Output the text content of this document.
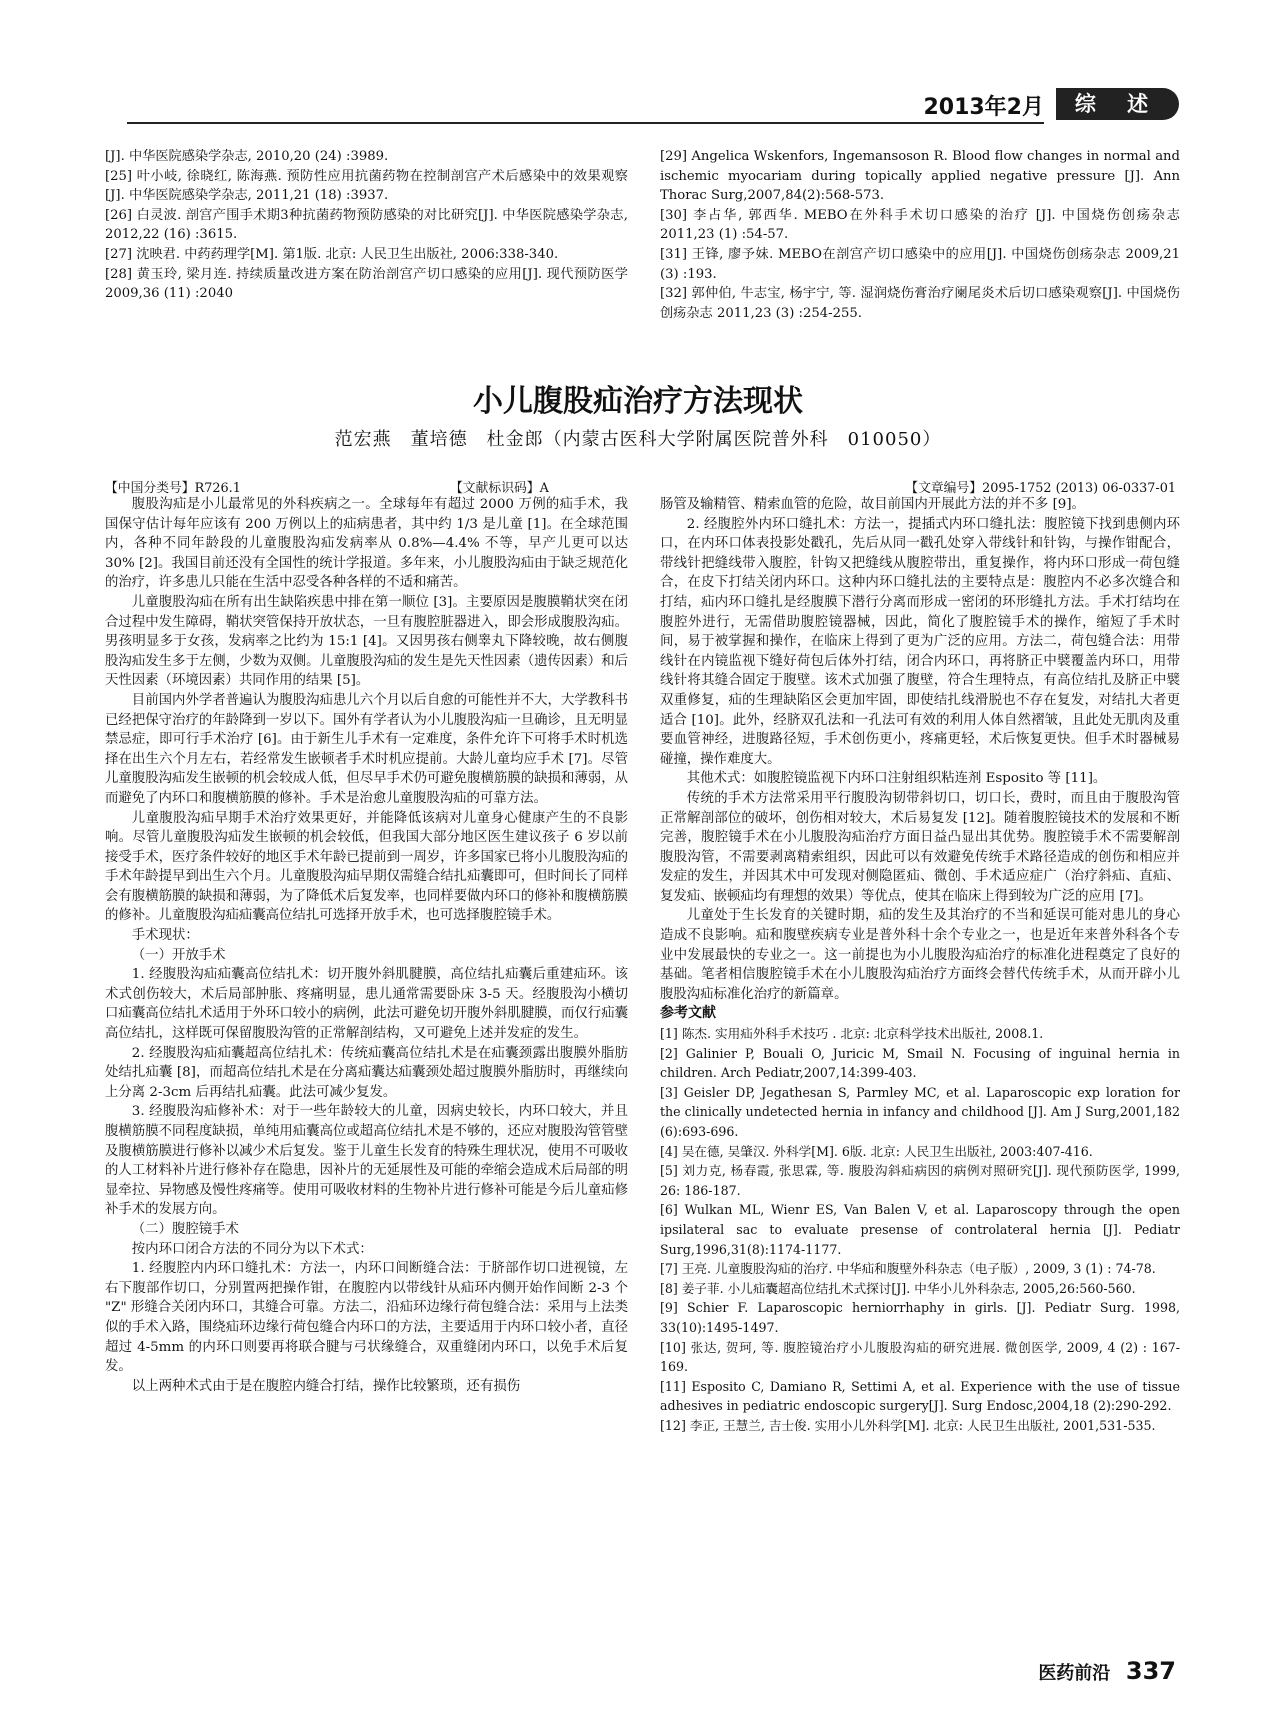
2013年2月	综 述

[J]. 中华医院感染学杂志, 2010,20 (24) :3989.

[25] 叶小岐, 徐晓红, 陈海燕. 预防性应用抗菌药物在控制剖宫产术后感染中的效果观察[J]. 中华医院感染学杂志, 2011,21 (18) :3937.

[26] 白灵波. 剖宫产围手术期3种抗菌药物预防感染的对比研究[J]. 中华医院感染学杂志, 2012,22 (16) :3615.

[27] 沈映君. 中药药理学[M]. 第1版. 北京: 人民卫生出版社, 2006:338-340.

[28] 黄玉玲, 梁月连. 持续质量改进方案在防治剖宫产切口感染的应用[J]. 现代预防医学 2009,36 (11) :2040

[29] Angelica Wskenfors, Ingemansoson R. Blood flow changes in normal and ischemic myocariam during topically applied negative pressure [J]. Ann Thorac Surg,2007,84(2):568-573.

[30] 李占华, 郭西华. MEBO在外科手术切口感染的治疗 [J]. 中国烧伤创疡杂志 2011,23 (1) :54-57.

[31] 王锋, 廖予妹. MEBO在剖宫产切口感染中的应用[J]. 中国烧伤创疡杂志 2009,21 (3) :193.

[32] 郭仲伯, 牛志宝, 杨宇宁, 等. 湿润烧伤膏治疗阑尾炎术后切口感染观察[J]. 中国烧伤创疡杂志 2011,23 (3) :254-255.

小儿腹股疝治疗方法现状
范宏燕　董培德　杜金郎（内蒙古医科大学附属医院普外科　010050）
【中国分类号】R726.1	【文献标识码】A	【文章编号】2095-1752 (2013) 06-0337-01

腹股沟疝是小儿最常见的外科疾病之一。全球每年有超过 2000 万例的疝手术，我国保守估计每年应该有 200 万例以上的疝病患者，其中约 1/3 是儿童 [1]。在全球范围内，各种不同年龄段的儿童腹股沟疝发病率从 0.8%—4.4% 不等，早产儿更可以达 30% [2]。我国目前还没有全国性的统计学报道。多年来，小儿腹股沟疝由于缺乏规范化的治疗，许多患儿只能在生活中忍受各种各样的不适和痛苦。

儿童腹股沟疝在所有出生缺陷疾患中排在第一顺位 [3]。主要原因是腹膜鞘状突在闭合过程中发生障碍，鞘状突管保持开放状态，一旦有腹腔脏器进入，即会形成腹股沟疝。男孩明显多于女孩，发病率之比约为 15:1 [4]。又因男孩右侧睾丸下降较晚，故右侧腹股沟疝发生多于左侧，少数为双侧。儿童腹股沟疝的发生是先天性因素（遗传因素）和后天性因素（环境因素）共同作用的结果 [5]。

目前国内外学者普遍认为腹股沟疝患儿六个月以后自愈的可能性并不大，大学教科书已经把保守治疗的年龄降到一岁以下。国外有学者认为小儿腹股沟疝一旦确诊，且无明显禁忌症，即可行手术治疗 [6]。由于新生儿手术有一定难度，条件允许下可将手术时机选择在出生六个月左右，若经常发生嵌顿者手术时机应提前。大龄儿童均应手术 [7]。尽管儿童腹股沟疝发生嵌顿的机会较成人低，但尽早手术仍可避免腹横筋膜的缺损和薄弱，从而避免了内环口和腹横筋膜的修补。手术是治愈儿童腹股沟疝的可靠方法。

儿童腹股沟疝早期手术治疗效果更好，并能降低该病对儿童身心健康产生的不良影响。尽管儿童腹股沟疝发生嵌顿的机会较低，但我国大部分地区医生建议孩子 6 岁以前接受手术，医疗条件较好的地区手术年龄已提前到一周岁，许多国家已将小儿腹股沟疝的手术年龄提早到出生六个月。儿童腹股沟疝早期仅需缝合结扎疝囊即可，但时间长了同样会有腹横筋膜的缺损和薄弱，为了降低术后复发率，也同样要做内环口的修补和腹横筋膜的修补。儿童腹股沟疝疝囊高位结扎可选择开放手术，也可选择腹腔镜手术。

手术现状：

（一）开放手术

1. 经腹股沟疝疝囊高位结扎术：切开腹外斜肌腱膜，高位结扎疝囊后重建疝环。该术式创伤较大，术后局部肿胀、疼痛明显，患儿通常需要卧床 3-5 天。经腹股沟小横切口疝囊高位结扎术适用于外环口较小的病例，此法可避免切开腹外斜肌腱膜，而仅行疝囊高位结扎，这样既可保留腹股沟管的正常解剖结构，又可避免上述并发症的发生。

2. 经腹股沟疝疝囊超高位结扎术：传统疝囊高位结扎术是在疝囊颈露出腹膜外脂肪处结扎疝囊 [8]，而超高位结扎术是在分离疝囊达疝囊颈处超过腹膜外脂肪时，再继续向上分离 2-3cm 后再结扎疝囊。此法可减少复发。

3. 经腹股沟疝修补术：对于一些年龄较大的儿童，因病史较长，内环口较大，并且腹横筋膜不同程度缺损，单纯用疝囊高位或超高位结扎术是不够的，还应对腹股沟管管壁及腹横筋膜进行修补以减少术后复发。鉴于儿童生长发育的特殊生理状况，使用不可吸收的人工材料补片进行修补存在隐患，因补片的无延展性及可能的牵缩会造成术后局部的明显牵拉、异物感及慢性疼痛等。使用可吸收材料的生物补片进行修补可能是今后儿童疝修补手术的发展方向。

（二）腹腔镜手术

按内环口闭合方法的不同分为以下术式：

1. 经腹腔内内环口缝扎术：方法一，内环口间断缝合法：于脐部作切口进视镜，左右下腹部作切口，分别置两把操作钳，在腹腔内以带线针从疝环内侧开始作间断 2-3 个 "Z" 形缝合关闭内环口，其缝合可靠。方法二，沿疝环边缘行荷包缝合法：采用与上法类似的手术入路，围绕疝环边缘行荷包缝合内环口的方法，主要适用于内环口较小者，直径超过 4-5mm 的内环口则要再将联合腱与弓状缘缝合，双重缝闭内环口，以免手术后复发。

以上两种术式由于是在腹腔内缝合打结，操作比较繁琐，还有损伤

肠管及输精管、精索血管的危险，故目前国内开展此方法的并不多 [9]。

2. 经腹腔外内环口缝扎术：方法一，提插式内环口缝扎法：腹腔镜下找到患侧内环口，在内环口体表投影处戳孔，先后从同一戳孔处穿入带线针和针钩，与操作钳配合，带线针把缝线带入腹腔，针钩又把缝线从腹腔带出，重复操作，将内环口形成一荷包缝合，在皮下打结关闭内环口。这种内环口缝扎法的主要特点是：腹腔内不必多次缝合和打结，疝内环口缝扎是经腹膜下潜行分离而形成一密闭的环形缝扎方法。手术打结均在腹腔外进行，无需借助腹腔镜器械，因此，简化了腹腔镜手术的操作，缩短了手术时间，易于被掌握和操作，在临床上得到了更为广泛的应用。方法二，荷包缝合法：用带线针在内镜监视下缝好荷包后体外打结，闭合内环口，再将脐正中襞覆盖内环口，用带线针将其缝合固定于腹壁。该术式加强了腹壁，符合生理特点，有高位结扎及脐正中襞双重修复，疝的生理缺陷区会更加牢固，即使结扎线滑脱也不存在复发，对结扎大者更适合 [10]。此外，经脐双孔法和一孔法可有效的利用人体自然褶皱，且此处无肌肉及重要血管神经，进腹路径短，手术创伤更小，疼痛更轻，术后恢复更快。但手术时器械易碰撞，操作难度大。

其他术式：如腹腔镜监视下内环口注射组织粘连剂 Esposito 等 [11]。

传统的手术方法常采用平行腹股沟韧带斜切口，切口长，费时，而且由于腹股沟管正常解剖部位的破坏，创伤相对较大，术后易复发 [12]。随着腹腔镜技术的发展和不断完善，腹腔镜手术在小儿腹股沟疝治疗方面日益凸显出其优势。腹腔镜手术不需要解剖腹股沟管，不需要剥离精索组织，因此可以有效避免传统手术路径造成的创伤和相应并发症的发生，并因其术中可发现对侧隐匿疝、微创、手术适应症广（治疗斜疝、直疝、复发疝、嵌顿疝均有理想的效果）等优点，使其在临床上得到较为广泛的应用 [7]。

儿童处于生长发育的关键时期，疝的发生及其治疗的不当和延误可能对患儿的身心造成不良影响。疝和腹壁疾病专业是普外科十余个专业之一，也是近年来普外科各个专业中发展最快的专业之一。这一前提也为小儿腹股沟疝治疗的标准化进程奠定了良好的基础。笔者相信腹腔镜手术在小儿腹股沟疝治疗方面终会替代传统手术，从而开辟小儿腹股沟疝标准化治疗的新篇章。

参考文献

[1] 陈杰. 实用疝外科手术技巧 . 北京: 北京科学技术出版社, 2008.1.

[2] Galinier P, Bouali O, Juricic M, Smail N. Focusing of inguinal hernia in children. Arch Pediatr,2007,14:399-403.

[3] Geisler DP, Jegathesan S, Parmley MC, et al. Laparoscopic exp loration for the clinically undetected hernia in infancy and childhood [J]. Am J Surg,2001,182 (6):693-696.

[4] 吴在德, 吴肇汉. 外科学[M]. 6版. 北京: 人民卫生出版社, 2003:407-416.

[5] 刘力克, 杨春霞, 张思霖, 等. 腹股沟斜疝病因的病例对照研究[J]. 现代预防医学, 1999, 26: 186-187.

[6] Wulkan ML, Wienr ES, Van Balen V, et al. Laparoscopy through the open ipsilateral sac to evaluate presense of controlateral hernia [J]. Pediatr Surg,1996,31(8):1174-1177.

[7] 王亮. 儿童腹股沟疝的治疗. 中华疝和腹壁外科杂志（电子版）, 2009, 3 (1) : 74-78.

[8] 姜子菲. 小儿疝囊超高位结扎术式探讨[J]. 中华小儿外科杂志, 2005,26:560-560.

[9] Schier F. Laparoscopic herniorrhaphy in girls. [J]. Pediatr Surg. 1998, 33(10):1495-1497.

[10] 张达, 贺珂, 等. 腹腔镜治疗小儿腹股沟疝的研究进展. 微创医学, 2009, 4 (2) : 167-169.

[11] Esposito C, Damiano R, Settimi A, et al. Experience with the use of tissue adhesives in pediatric endoscopic surgery[J]. Surg Endosc,2004,18 (2):290-292.

[12] 李正, 王慧兰, 吉士俊. 实用小儿外科学[M]. 北京: 人民卫生出版社, 2001,531-535.

医药前沿 337
